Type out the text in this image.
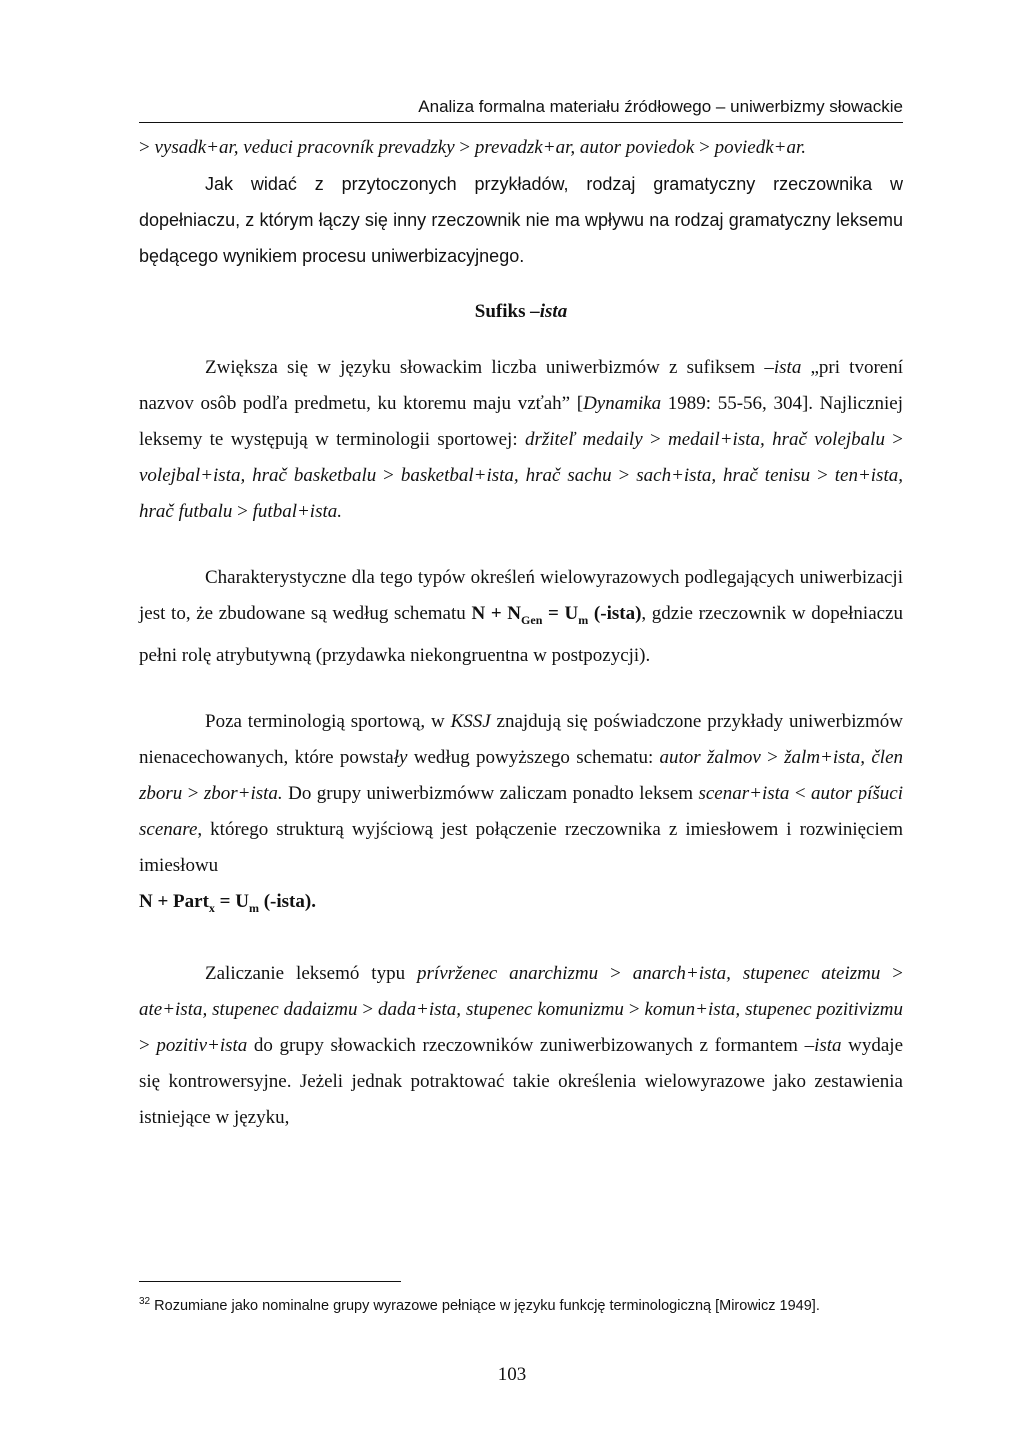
Analiza formalna materiału źródłowego – uniwerbizmy słowackie

> vysadk+ar, veduci pracovník prevadzky > prevadzk+ar, autor poviedok > poviedk+ar.

Jak widać z przytoczonych przykładów, rodzaj gramatyczny rzeczownika w dopełniaczu, z którym łączy się inny rzeczownik nie ma wpływu na rodzaj gramatyczny leksemu będącego wynikiem procesu uniwerbizacyjnego.

Sufiks –ista

Zwiększa się w języku słowackim liczba uniwerbizmów z sufiksem –ista „pri tvorení nazvov osôb podľa predmetu, ku ktoremu maju vzťah” [Dynamika 1989: 55-56, 304]. Najliczniej leksemy te występują w terminologii sportowej: držiteľ medaily > medail+ista, hrač volejbalu > volejbal+ista, hrač basketbalu > basketbal+ista, hrač sachu > sach+ista, hrač tenisu > ten+ista, hrač futbalu > futbal+ista.

Charakterystyczne dla tego typów określeń wielowyrazowych podlegających uniwerbizacji jest to, że zbudowane są według schematu $N + N_{Gen} = U_m$ (-ista), gdzie rzeczownik w dopełniaczu pełni rolę atrybutywną (przydawka niekongruentna w postpozycji).

Poza terminologią sportową, w KSSJ znajdują się poświadczone przykłady uniwerbizmów nienacechowanych, które powstały według powyższego schematu: autor žalmov > žalm+ista, člen zboru > zbor+ista. Do grupy uniwerbizmóww zaliczam ponadto leksem scenar+ista < autor píšuci scenare, którego strukturą wyjściową jest połączenie rzeczownika z imiesłowem i rozwinięciem imiesłowu
N + Part$_x$ = $U_m$ (-ista).

Zaliczanie leksemó typu prívrženec anarchizmu > anarch+ista, stupenec ateizmu > ate+ista, stupenec dadaizmu > dada+ista, stupenec komunizmu > komun+ista, stupenec pozitivizmu > pozitiv+ista do grupy słowackich rzeczowników zuniwerbizowanych z formantem –ista wydaje się kontrowersyjne. Jeżeli jednak potraktować takie określenia wielowyrazowe jako zestawienia istniejące w języku,

$^{32}$ Rozumiane jako nominalne grupy wyrazowe pełniące w języku funkcję terminologiczną [Mirowicz 1949].
103
